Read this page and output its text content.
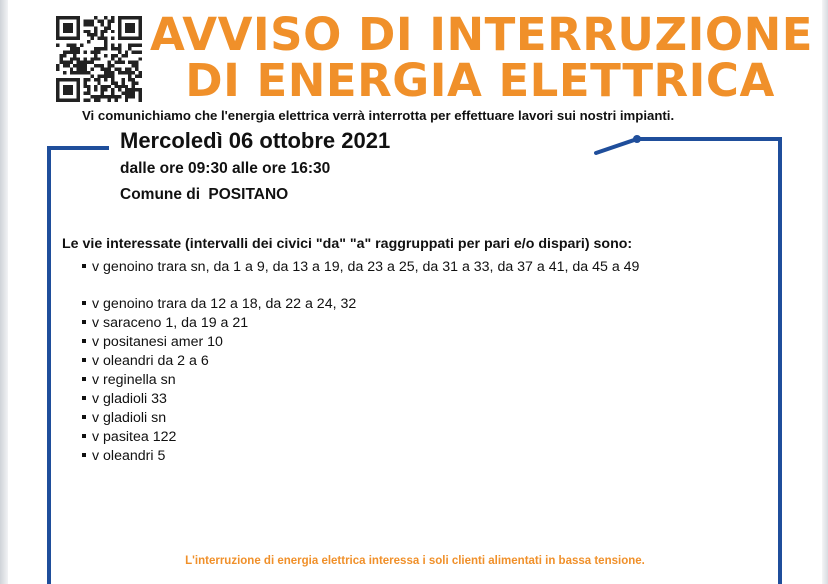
AVVISO DI INTERRUZIONE
DI ENERGIA ELETTRICA
Vi comunichiamo che l'energia elettrica verrà interrotta per effettuare lavori sui nostri impianti.
Mercoledì 06 ottobre 2021
dalle ore 09:30 alle ore 16:30
Comune di POSITANO
Le vie interessate (intervalli dei civici "da" "a" raggruppati per pari e/o dispari) sono:
v genoino trara sn, da 1 a 9, da 13 a 19, da 23 a 25, da 31 a 33, da 37 a 41, da 45 a 49
v genoino trara da 12 a 18, da 22 a 24, 32
v saraceno 1, da 19 a 21
v positanesi amer 10
v oleandri da 2 a 6
v reginella sn
v gladioli 33
v gladioli sn
v pasitea 122
v oleandri 5
L'interruzione di energia elettrica interessa i soli clienti alimentati in bassa tensione.
